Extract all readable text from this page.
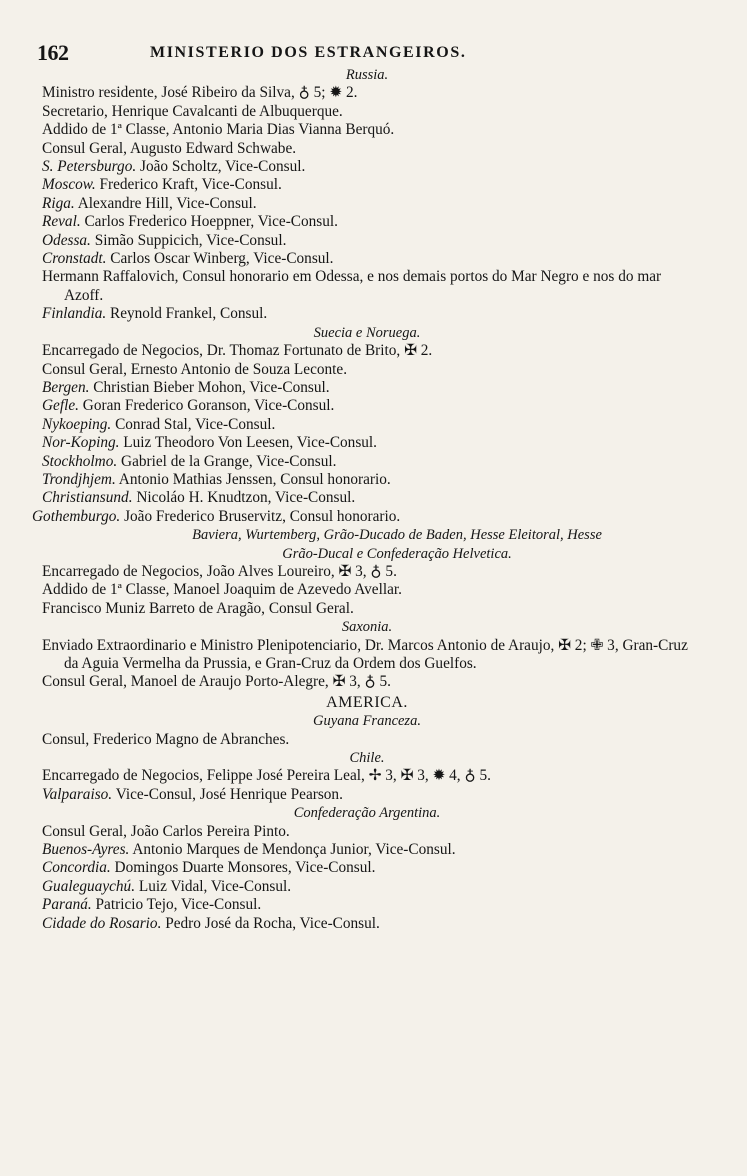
162	MINISTERIO DOS ESTRANGEIROS.
Russia.
Ministro residente, José Ribeiro da Silva, ♁ 5; ✹ 2.
Secretario, Henrique Cavalcanti de Albuquerque.
Addido de 1ª Classe, Antonio Maria Dias Vianna Berquó.
Consul Geral, Augusto Edward Schwabe.
S. Petersburgo. João Scholtz, Vice-Consul.
Moscow. Frederico Kraft, Vice-Consul.
Riga. Alexandre Hill, Vice-Consul.
Reval. Carlos Frederico Hoeppner, Vice-Consul.
Odessa. Simão Suppicich, Vice-Consul.
Cronstadt. Carlos Oscar Winberg, Vice-Consul.
Hermann Raffalovich, Consul honorario em Odessa, e nos demais portos do Mar Negro e nos do mar Azoff.
Finlandia. Reynold Frankel, Consul.
Suecia e Noruega.
Encarregado de Negocios, Dr. Thomaz Fortunato de Brito, ✠ 2.
Consul Geral, Ernesto Antonio de Souza Leconte.
Bergen. Christian Bieber Mohon, Vice-Consul.
Gefle. Goran Frederico Goranson, Vice-Consul.
Nykoeping. Conrad Stal, Vice-Consul.
Nor-Koping. Luiz Theodoro Von Leesen, Vice-Consul.
Stockholmo. Gabriel de la Grange, Vice-Consul.
Trondjhjem. Antonio Mathias Jenssen, Consul honorario.
Christiansund. Nicoláo H. Knudtzon, Vice-Consul.
Gothemburgo. João Frederico Bruservitz, Consul honorario.
Baviera, Wurtemberg, Grão-Ducado de Baden, Hesse Eleitoral, Hesse
Grão-Ducal e Confederação Helvetica.
Encarregado de Negocios, João Alves Loureiro, ✠ 3, ♁ 5.
Addido de 1ª Classe, Manoel Joaquim de Azevedo Avellar.
Francisco Muniz Barreto de Aragão, Consul Geral.
Saxonia.
Enviado Extraordinario e Ministro Plenipotenciario, Dr. Marcos Antonio de Araujo, ✠ 2; ✙ 3, Gran-Cruz da Aguia Vermelha da Prussia, e Gran-Cruz da Ordem dos Guelfos.
Consul Geral, Manoel de Araujo Porto-Alegre, ✠ 3, ♁ 5.
AMERICA.
Guyana Franceza.
Consul, Frederico Magno de Abranches.
Chile.
Encarregado de Negocios, Felippe José Pereira Leal, ✢ 3, ✠ 3, ✹ 4, ♁ 5.
Valparaiso. Vice-Consul, José Henrique Pearson.
Confederação Argentina.
Consul Geral, João Carlos Pereira Pinto.
Buenos-Ayres. Antonio Marques de Mendonça Junior, Vice-Consul.
Concordia. Domingos Duarte Monsores, Vice-Consul.
Gualeguaychú. Luiz Vidal, Vice-Consul.
Paraná. Patricio Tejo, Vice-Consul.
Cidade do Rosario. Pedro José da Rocha, Vice-Consul.
